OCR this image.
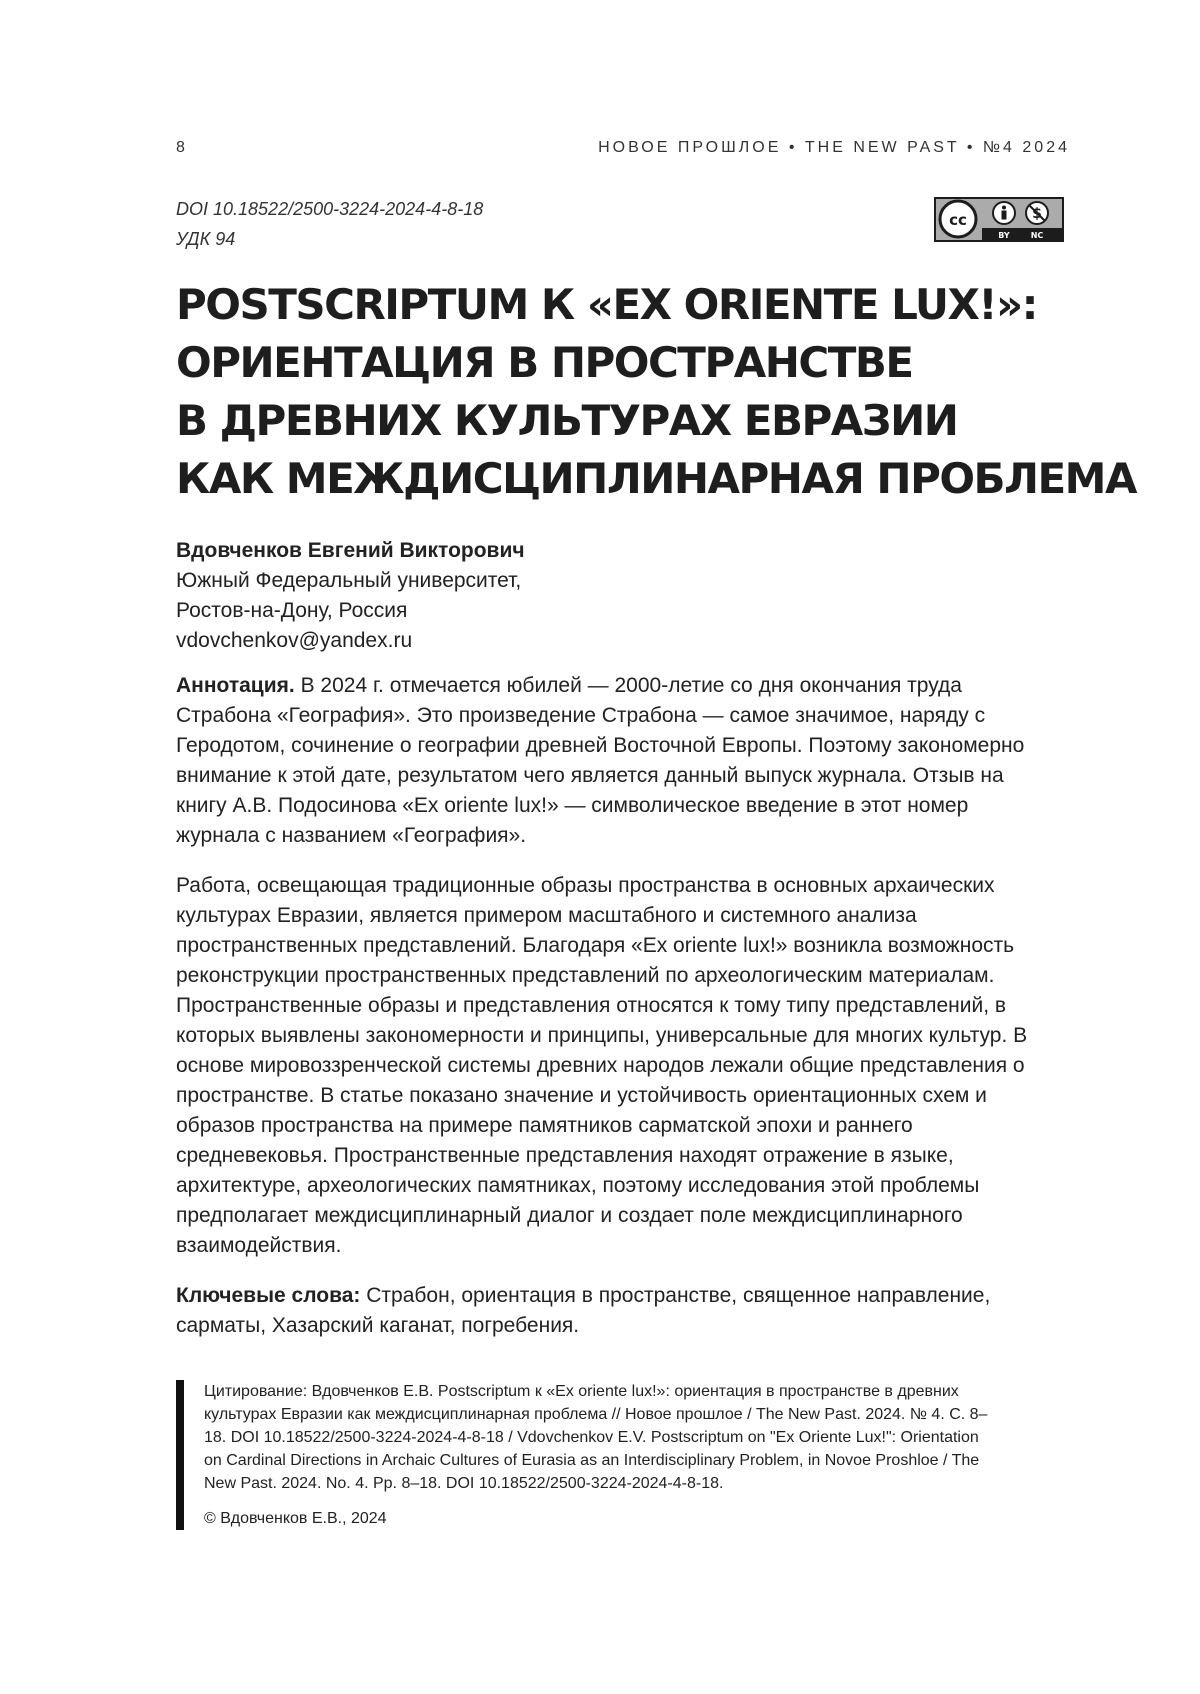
8	НОВОЕ ПРОШЛОЕ • THE NEW PAST • №4 2024
DOI 10.18522/2500-3224-2024-4-8-18
УДК 94
cc
BY	NC
POSTSCRIPTUM К «EX ORIENTE LUX!»:
ОРИЕНТАЦИЯ В ПРОСТРАНСТВЕ
В ДРЕВНИХ КУЛЬТУРАХ ЕВРАЗИИ
КАК МЕЖДИСЦИПЛИНАРНАЯ ПРОБЛЕМА
Вдовченков Евгений Викторович
Южный Федеральный университет,
Ростов-на-Дону, Россия
vdovchenkov@yandex.ru

Аннотация. В 2024 г. отмечается юбилей — 2000-летие со дня окончания труда Страбона «География». Это произведение Страбона — самое значимое, наряду с Геродотом, сочинение о географии древней Восточной Европы. Поэтому закономерно внимание к этой дате, результатом чего является данный выпуск журнала. Отзыв на книгу А.В. Подосинова «Ex oriente lux!» — символическое введение в этот номер журнала с названием «География».

Работа, освещающая традиционные образы пространства в основных архаических культурах Евразии, является примером масштабного и системного анализа пространственных представлений. Благодаря «Ex oriente lux!» возникла возможность реконструкции пространственных представлений по археологическим материалам. Пространственные образы и представления относятся к тому типу представлений, в которых выявлены закономерности и принципы, универсальные для многих культур. В основе мировоззренческой системы древних народов лежали общие представления о пространстве. В статье показано значение и устойчивость ориентационных схем и образов пространства на примере памятников сарматской эпохи и раннего средневековья. Пространственные представления находят отражение в языке, архитектуре, археологических памятниках, поэтому исследования этой проблемы предполагает междисциплинарный диалог и создает поле междисциплинарного взаимодействия.

Ключевые слова: Страбон, ориентация в пространстве, священное направление, сарматы, Хазарский каганат, погребения.

Цитирование: Вдовченков Е.В. Postscriptum к «Ex oriente lux!»: ориентация в пространстве в древних культурах Евразии как междисциплинарная проблема // Новое прошлое / The New Past. 2024. № 4. С. 8–18. DOI 10.18522/2500-3224-2024-4-8-18 / Vdovchenkov E.V. Postscriptum on "Ex Oriente Lux!": Orientation on Cardinal Directions in Archaic Cultures of Eurasia as an Interdisciplinary Problem, in Novoe Proshloe / The New Past. 2024. No. 4. Pp. 8–18. DOI 10.18522/2500-3224-2024-4-8-18.

© Вдовченков Е.В., 2024
